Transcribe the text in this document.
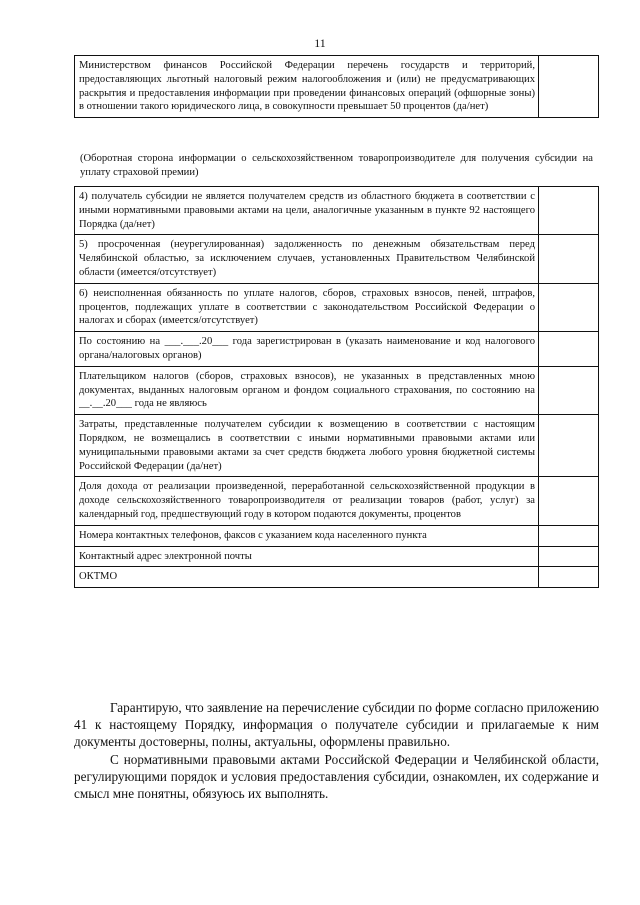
11
Министерством финансов Российской Федерации перечень государств и территорий, предоставляющих льготный налоговый режим налогообложения и (или) не предусматривающих раскрытия и предоставления информации при проведении финансовых операций (офшорные зоны) в отношении такого юридического лица, в совокупности превышает 50 процентов (да/нет)	
(Оборотная сторона информации о сельскохозяйственном товаропроизводителе для получения субсидии на уплату страховой премии)
4) получатель субсидии не является получателем средств из областного бюджета в соответствии с иными нормативными правовыми актами на цели, аналогичные указанным в пункте 92 настоящего Порядка (да/нет)	
5) просроченная (неурегулированная) задолженность по денежным обязательствам перед Челябинской областью, за исключением случаев, установленных Правительством Челябинской области (имеется/отсутствует)	
6) неисполненная обязанность по уплате налогов, сборов, страховых взносов, пеней, штрафов, процентов, подлежащих уплате в соответствии с законодательством Российской Федерации о налогах и сборах (имеется/отсутствует)	
По состоянию на ___.___.20___ года зарегистрирован в (указать наименование и код налогового органа/налоговых органов)	
Плательщиком налогов (сборов, страховых взносов), не указанных в представленных мною документах, выданных налоговым органом и фондом социального страхования, по состоянию на __.__.20___ года не являюсь	
Затраты, представленные получателем субсидии к возмещению в соответствии с настоящим Порядком, не возмещались в соответствии с иными нормативными правовыми актами или муниципальными правовыми актами за счет средств бюджета любого уровня бюджетной системы Российской Федерации (да/нет)	
Доля дохода от реализации произведенной, переработанной сельскохозяйственной продукции в доходе сельскохозяйственного товаропроизводителя от реализации товаров (работ, услуг) за календарный год, предшествующий году в котором подаются документы, процентов	
Номера контактных телефонов, факсов с указанием кода населенного пункта	
Контактный адрес электронной почты	
ОКТМО	

Гарантирую, что заявление на перечисление субсидии по форме согласно приложению 41 к настоящему Порядку, информация о получателе субсидии и прилагаемые к ним документы достоверны, полны, актуальны, оформлены правильно.

С нормативными правовыми актами Российской Федерации и Челябинской области, регулирующими порядок и условия предоставления субсидии, ознакомлен, их содержание и смысл мне понятны, обязуюсь их выполнять.
